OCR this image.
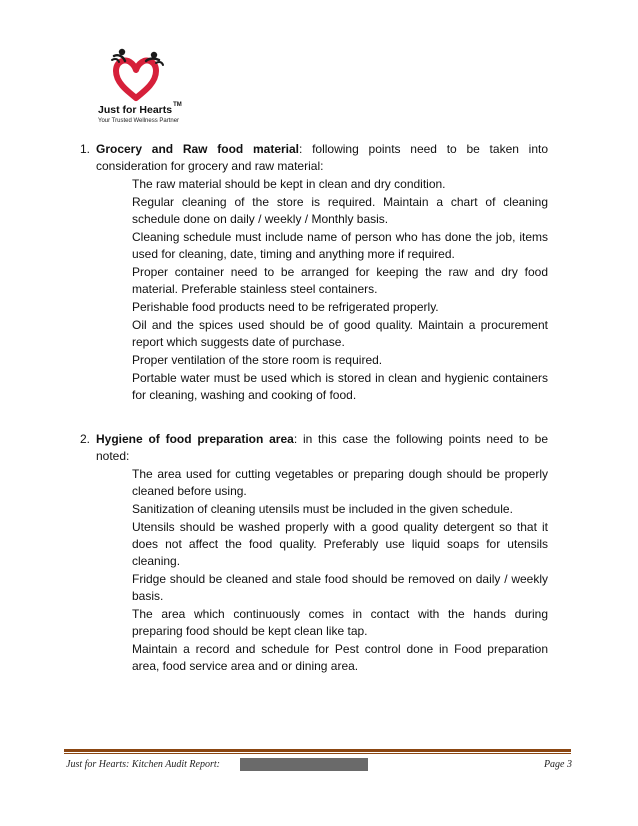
Just for Hearts™
Your Trusted Wellness Partner
1. Grocery and Raw food material: following points need to be taken into consideration for grocery and raw material:
The raw material should be kept in clean and dry condition.
Regular cleaning of the store is required. Maintain a chart of cleaning schedule done on daily / weekly / Monthly basis.
Cleaning schedule must include name of person who has done the job, items used for cleaning, date, timing and anything more if required.
Proper container need to be arranged for keeping the raw and dry food material. Preferable stainless steel containers.
Perishable food products need to be refrigerated properly.
Oil and the spices used should be of good quality. Maintain a procurement report which suggests date of purchase.
Proper ventilation of the store room is required.
Portable water must be used which is stored in clean and hygienic containers for cleaning, washing and cooking of food.
2. Hygiene of food preparation area: in this case the following points need to be noted:
The area used for cutting vegetables or preparing dough should be properly cleaned before using.
Sanitization of cleaning utensils must be included in the given schedule.
Utensils should be washed properly with a good quality detergent so that it does not affect the food quality. Preferably use liquid soaps for utensils cleaning.
Fridge should be cleaned and stale food should be removed on daily / weekly basis.
The area which continuously comes in contact with the hands during preparing food should be kept clean like tap.
Maintain a record and schedule for Pest control done in Food preparation area, food service area and or dining area.
Just for Hearts: Kitchen Audit Report:	Page 3
